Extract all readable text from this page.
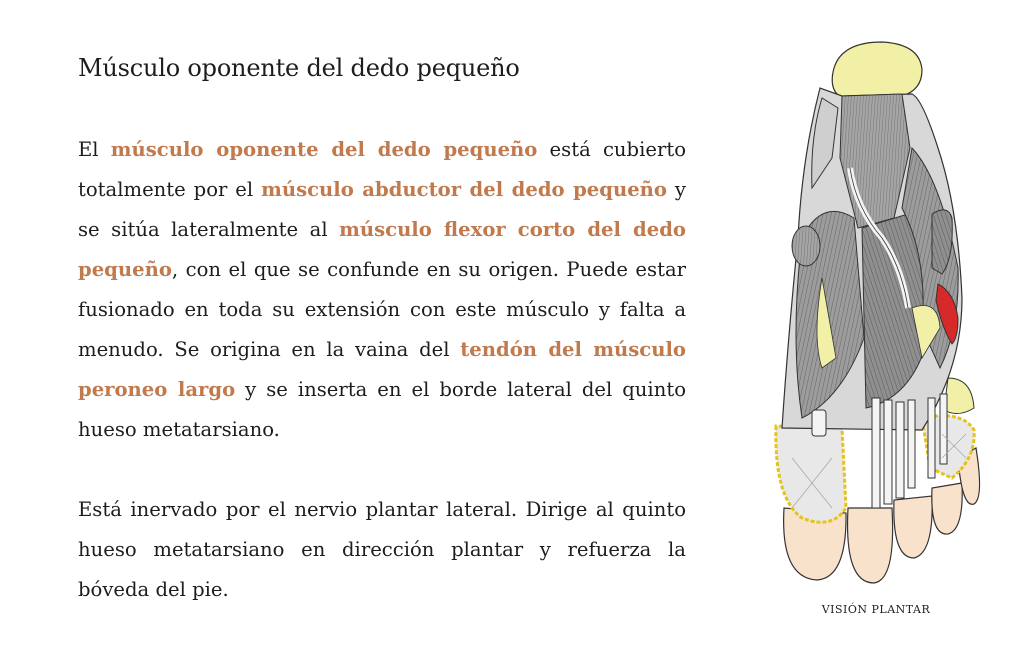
Músculo oponente del dedo pequeño

El músculo oponente del dedo pequeño está cubierto totalmente por el músculo abductor del dedo pequeño y se sitúa lateralmente al músculo flexor corto del dedo pequeño, con el que se confunde en su origen. Puede estar fusionado en toda su extensión con este músculo y falta a menudo. Se origina en la vaina del tendón del músculo peroneo largo y se inserta en el borde lateral del quinto hueso metatarsiano.

Está inervado por el nervio plantar lateral. Dirige al quinto hueso metatarsiano en dirección plantar y refuerza la bóveda del pie.

VISIÓN PLANTAR
